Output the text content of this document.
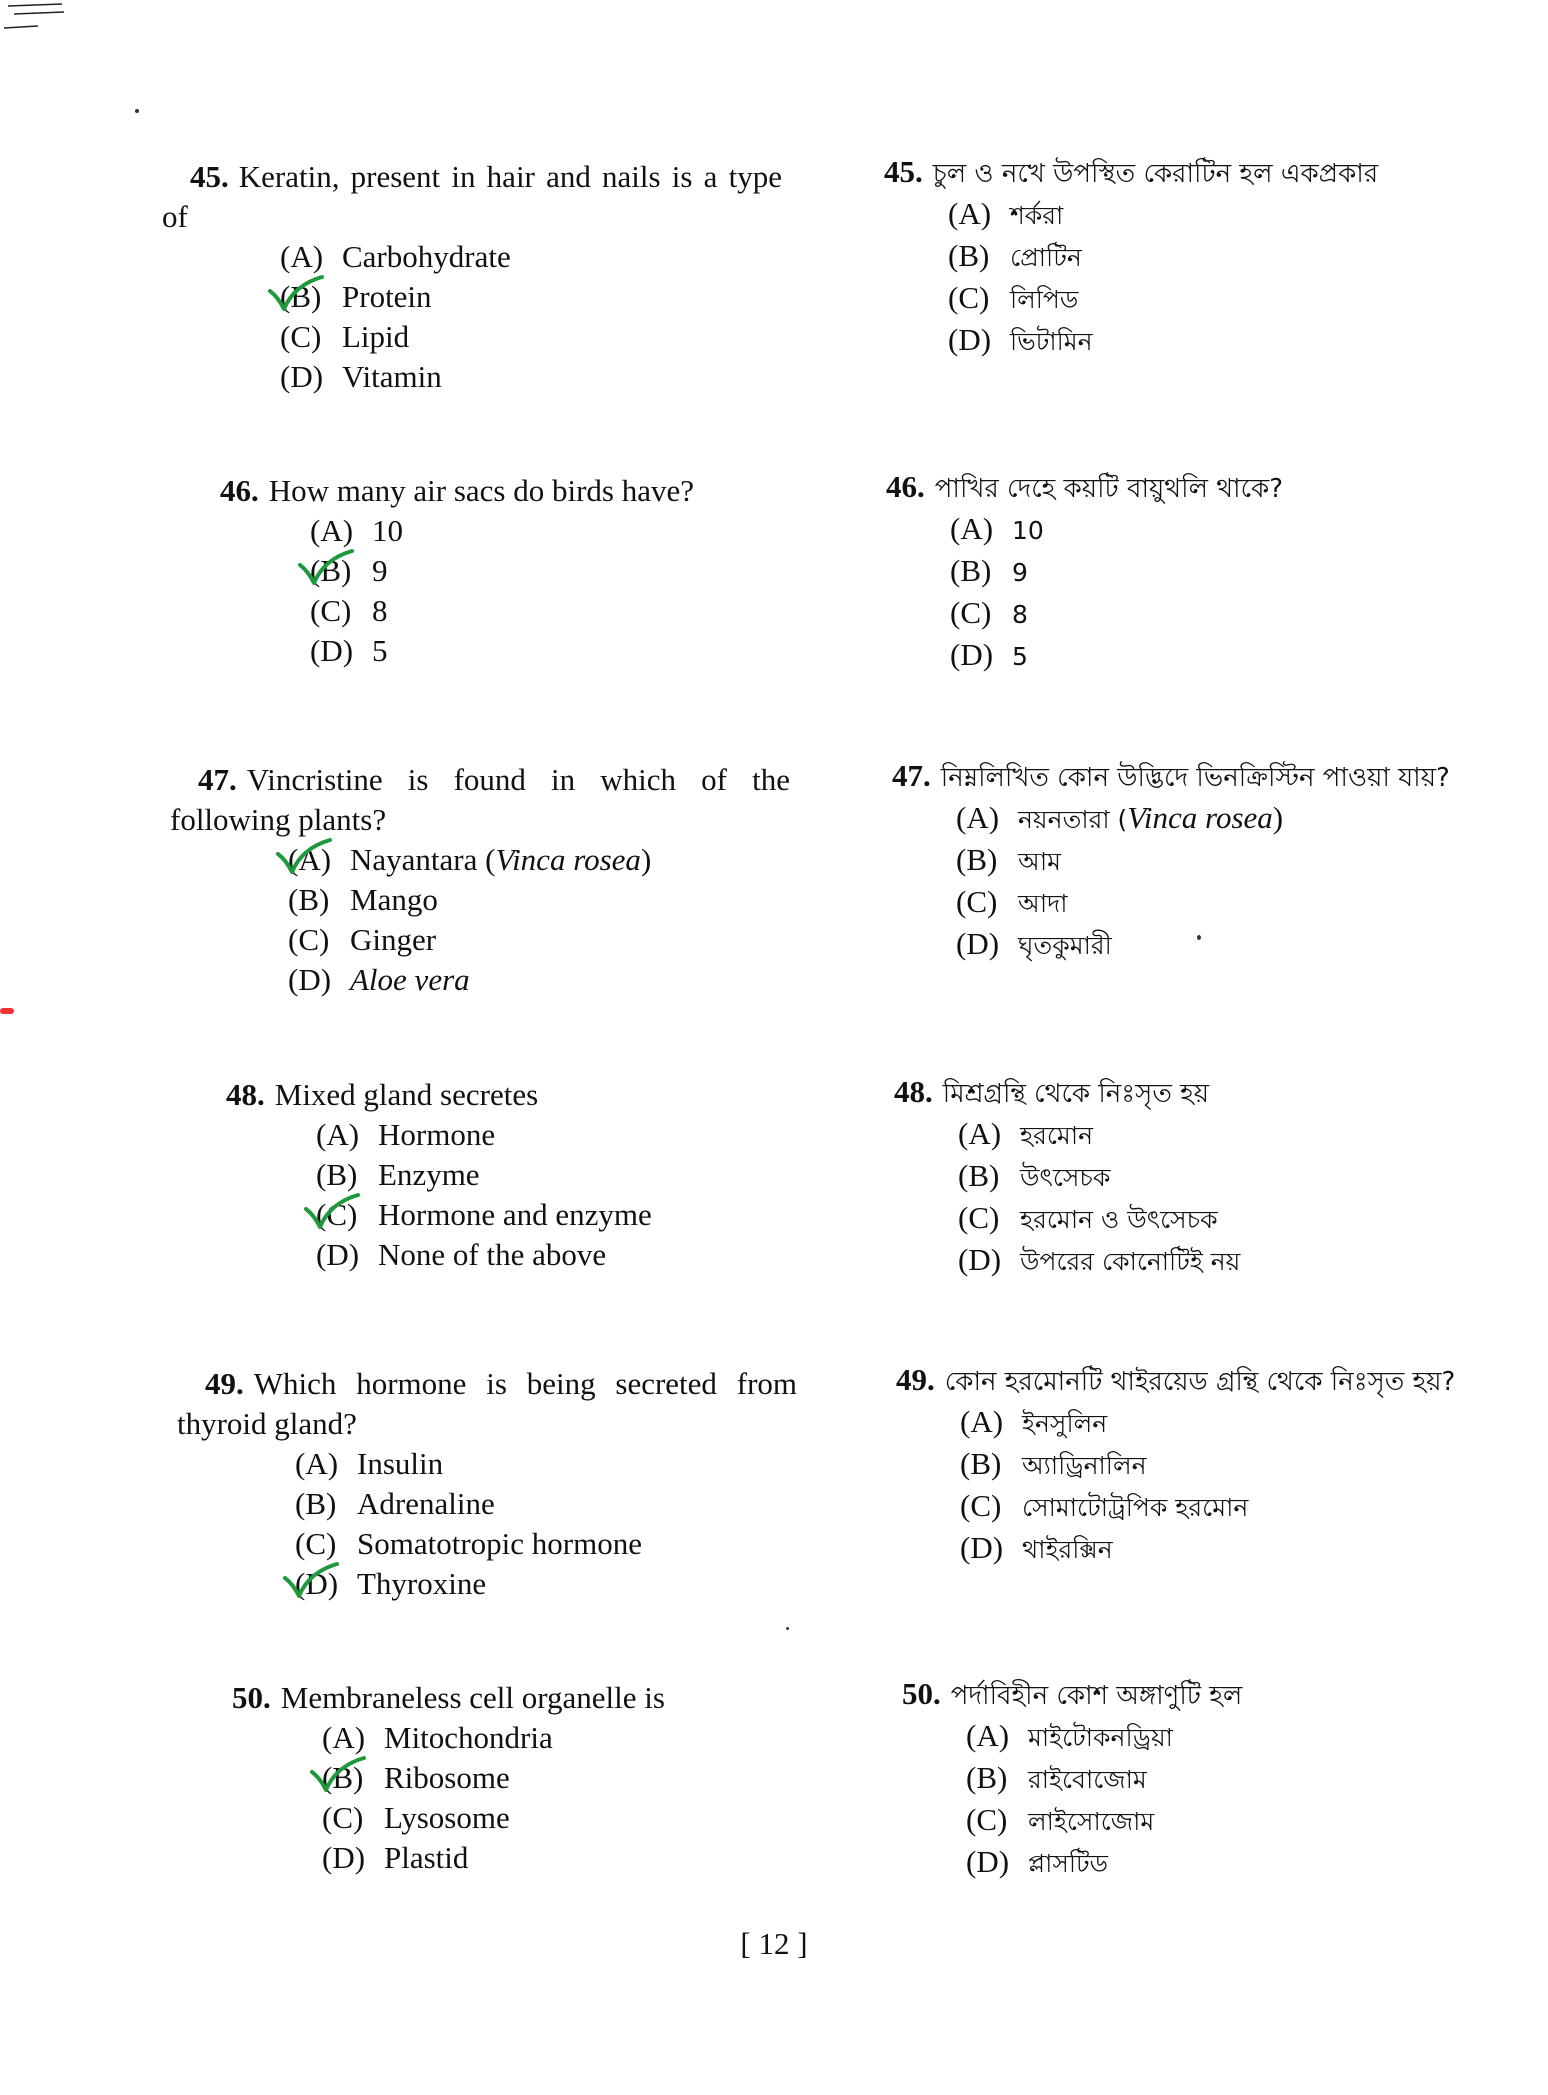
45. Keratin, present in hair and nails is a type of
(A) Carbohydrate
(B) Protein
(C) Lipid
(D) Vitamin
45. চুল ও নখে উপস্থিত কেরাটিন হল একপ্রকার
(A) শর্করা
(B) প্রোটিন
(C) লিপিড
(D) ভিটামিন
46. How many air sacs do birds have?
(A) 10
(B) 9
(C) 8
(D) 5
46. পাখির দেহে কয়টি বায়ুথলি থাকে?
(A) 10
(B) 9
(C) 8
(D) 5
47. Vincristine is found in which of the following plants?
(A) Nayantara (Vinca rosea)
(B) Mango
(C) Ginger
(D) Aloe vera
47. নিম্নলিখিত কোন উদ্ভিদে ভিনক্রিস্টিন পাওয়া যায়?
(A) নয়নতারা (Vinca rosea)
(B) আম
(C) আদা
(D) ঘৃতকুমারী
48. Mixed gland secretes
(A) Hormone
(B) Enzyme
(C) Hormone and enzyme
(D) None of the above
48. মিশ্রগ্রন্থি থেকে নিঃসৃত হয়
(A) হরমোন
(B) উৎসেচক
(C) হরমোন ও উৎসেচক
(D) উপরের কোনোটিই নয়
49. Which hormone is being secreted from thyroid gland?
(A) Insulin
(B) Adrenaline
(C) Somatotropic hormone
(D) Thyroxine
49. কোন হরমোনটি থাইরয়েড গ্রন্থি থেকে নিঃসৃত হয়?
(A) ইনসুলিন
(B) অ্যাড্রিনালিন
(C) সোমাটোট্রপিক হরমোন
(D) থাইরক্সিন
50. Membraneless cell organelle is
(A) Mitochondria
(B) Ribosome
(C) Lysosome
(D) Plastid
50. পর্দাবিহীন কোশ অঙ্গাণুটি হল
(A) মাইটোকনড্রিয়া
(B) রাইবোজোম
(C) লাইসোজোম
(D) প্লাসটিড
[ 12 ]
